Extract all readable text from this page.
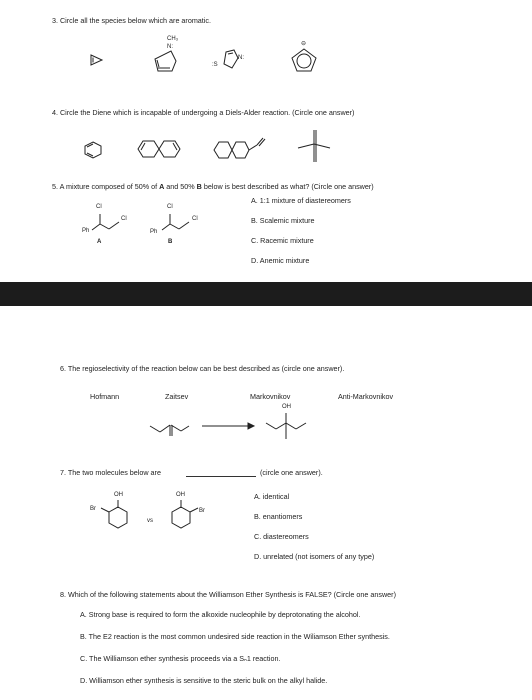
3. Circle all the species below which are aromatic.
CH₃
N:
:S
N:
⊖
4. Circle the Diene which is incapable of undergoing a Diels-Alder reaction. (Circle one answer)
5. A mixture composed of 50% of A and 50% B below is best described as what? (Circle one answer)
A. 1:1 mixture of diastereomers
B. Scalemic mixture
C. Racemic mixture
D. Anemic mixture
Cl
Cl
Ph
A
Cl
Cl
Ph
B
6. The regioselectivity of the reaction below can be best described as (circle one answer).
Hofmann	Zaitsev	Markovnikov	Anti-Markovnikov
OH
7. The two molecules below are	(circle one answer).
A. identical
B. enantiomers
C. diastereomers
D. unrelated (not isomers of any type)
OH
Br
vs
OH
Br
8. Which of the following statements about the Williamson Ether Synthesis is FALSE? (Circle one answer)
A. Strong base is required to form the alkoxide nucleophile by deprotonating the alcohol.
B. The E2 reaction is the most common undesired side reaction in the Wiliamson Ether synthesis.
C. The Williamson ether synthesis proceeds via a Sₙ1 reaction.
D. Williamson ether synthesis is sensitive to the steric bulk on the alkyl halide.
